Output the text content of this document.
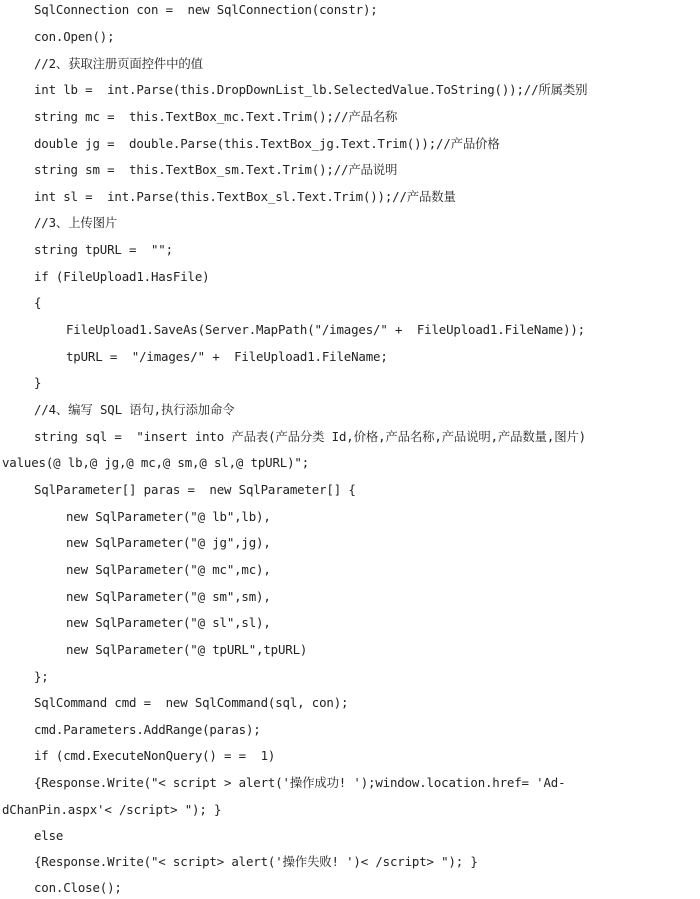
SqlConnection con =  new SqlConnection(constr);
con.Open();
//2、获取注册页面控件中的值
int lb =  int.Parse(this.DropDownList_lb.SelectedValue.ToString());//所属类别
string mc =  this.TextBox_mc.Text.Trim();//产品名称
double jg =  double.Parse(this.TextBox_jg.Text.Trim());//产品价格
string sm =  this.TextBox_sm.Text.Trim();//产品说明
int sl =  int.Parse(this.TextBox_sl.Text.Trim());//产品数量
//3、上传图片
string tpURL =  "";
if (FileUpload1.HasFile)
{
FileUpload1.SaveAs(Server.MapPath("/images/" +  FileUpload1.FileName));
tpURL =  "/images/" +  FileUpload1.FileName;
}
//4、编写 SQL 语句,执行添加命令
string sql =  "insert into 产品表(产品分类 Id,价格,产品名称,产品说明,产品数量,图片)
values(@ lb,@ jg,@ mc,@ sm,@ sl,@ tpURL)";
SqlParameter[] paras =  new SqlParameter[] {
new SqlParameter("@ lb",lb),
new SqlParameter("@ jg",jg),
new SqlParameter("@ mc",mc),
new SqlParameter("@ sm",sm),
new SqlParameter("@ sl",sl),
new SqlParameter("@ tpURL",tpURL)
};
SqlCommand cmd =  new SqlCommand(sql, con);
cmd.Parameters.AddRange(paras);
if (cmd.ExecuteNonQuery() = =  1)
{Response.Write("< script > alert('操作成功! ');window.location.href= 'Ad-
dChanPin.aspx'< /script> "); }
else
{Response.Write("< script> alert('操作失败! ')< /script> "); }
con.Close();
